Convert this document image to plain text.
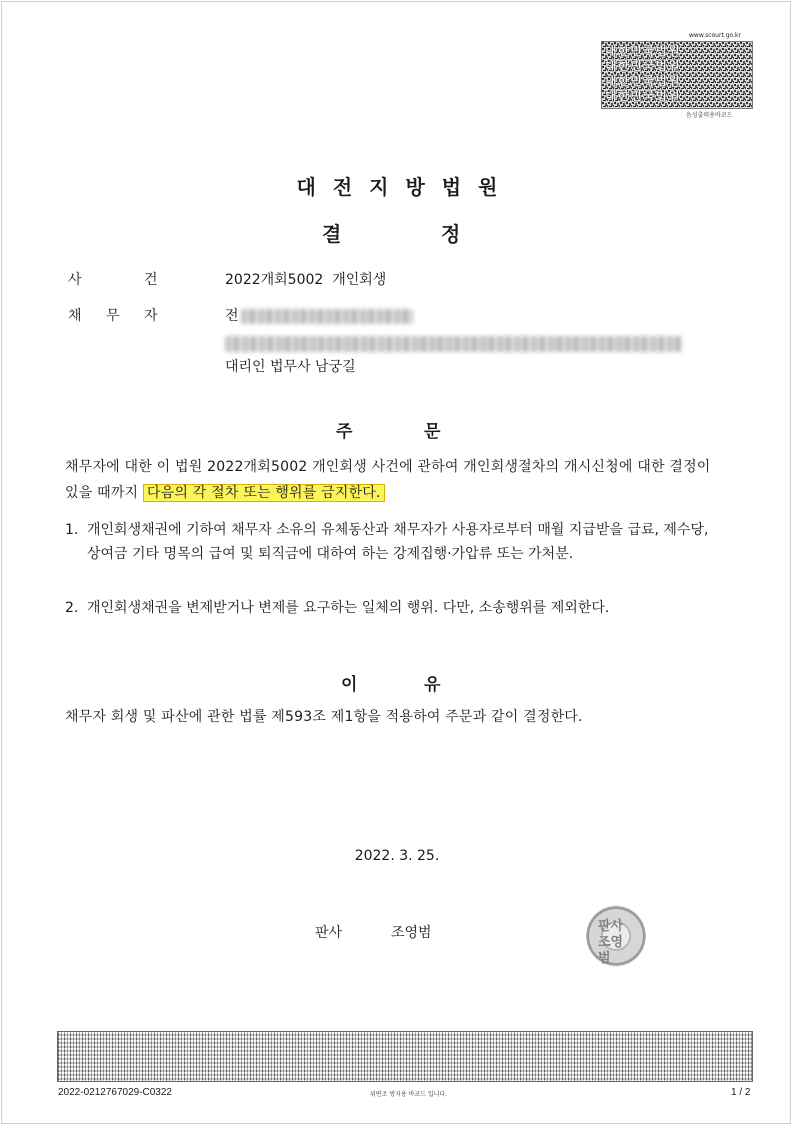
www.scourt.go.kr
대한민국법원대한민국법원대한민국법원대한민국법원
음성출력용바코드
대전지방법원
결	정
사	건	2022개회5002  개인회생
채 무 자	전
대리인 법무사 남궁길
주	문
채무자에 대한 이 법원 2022개회5002 개인회생 사건에 관하여 개인회생절차의 개시신청에 대한 결정이 있을 때까지 다음의 각 절차 또는 행위를 금지한다.
1. 개인회생채권에 기하여 채무자 소유의 유체동산과 채무자가 사용자로부터 매월 지급받을 급료, 제수당, 상여금 기타 명목의 급여 및 퇴직금에 대하여 하는 강제집행·가압류 또는 가처분.
2. 개인회생채권을 변제받거나 변제를 요구하는 일체의 행위. 다만, 소송행위를 제외한다.
이	유
채무자 회생 및 파산에 관한 법률 제593조 제1항을 적용하여 주문과 같이 결정한다.
2022. 3. 25.
판사	조영범	판사조영범
2022-0212767029-C0322	위변조 방지용 바코드 입니다.	1 / 2
